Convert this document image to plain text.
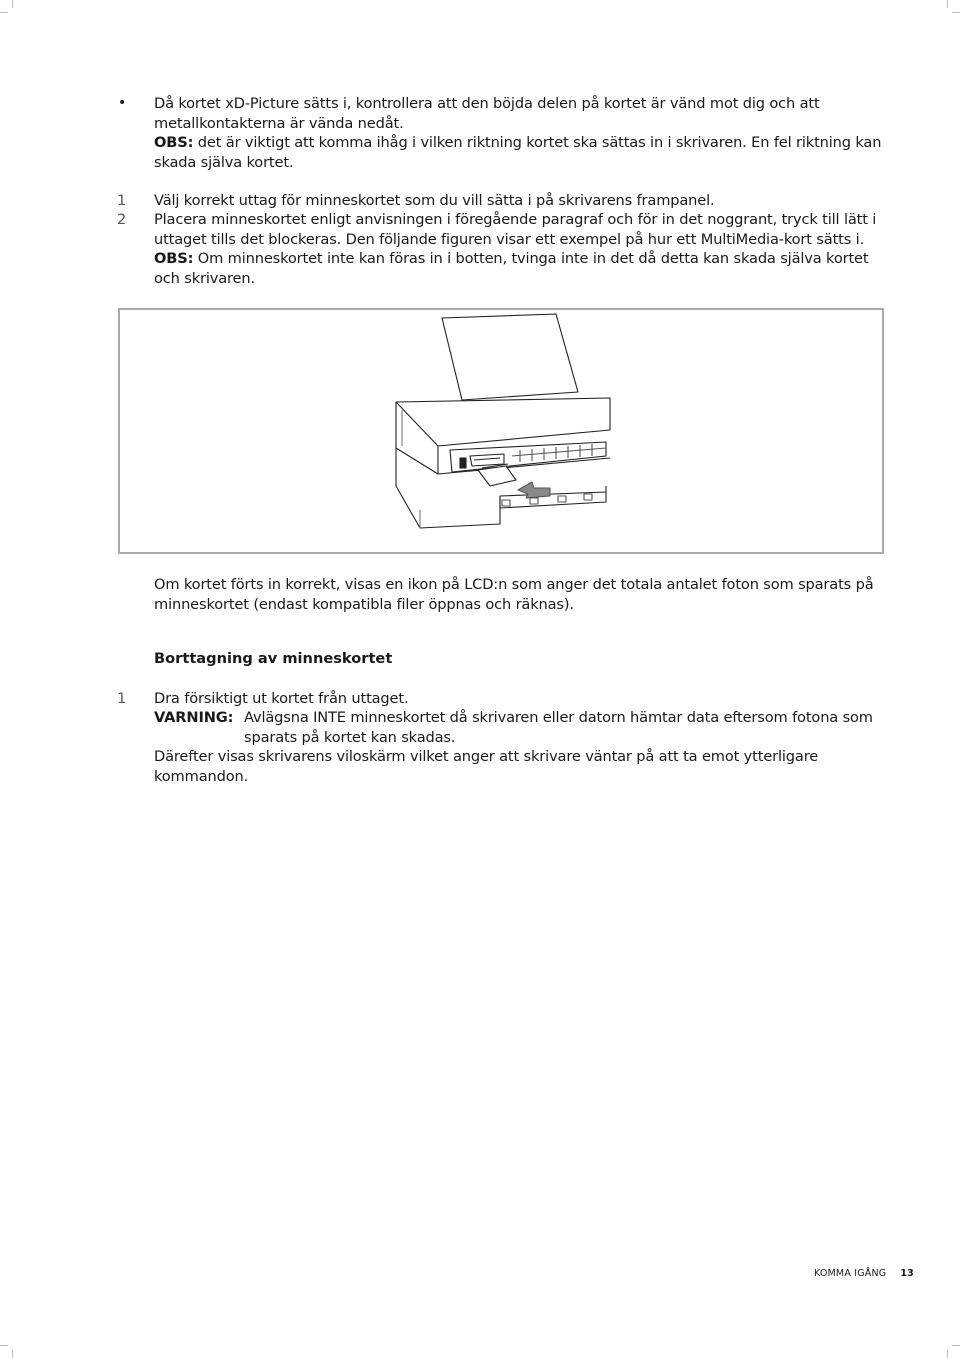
• Då kortet xD-Picture sätts i, kontrollera att den böjda delen på kortet är vänd mot dig och att

metallkontakterna är vända nedåt.

OBS: det är viktigt att komma ihåg i vilken riktning kortet ska sättas in i skrivaren. En fel riktning kan

skada själva kortet.

1 Välj korrekt uttag för minneskortet som du vill sätta i på skrivarens frampanel.
2 Placera minneskortet enligt anvisningen i föregående paragraf och för in det noggrant, tryck till lätt i

uttaget tills det blockeras. Den följande figuren visar ett exempel på hur ett MultiMedia-kort sätts i.

OBS: Om minneskortet inte kan föras in i botten, tvinga inte in det då detta kan skada själva kortet

och skrivaren.

Om kortet förts in korrekt, visas en ikon på LCD:n som anger det totala antalet foton som sparats på

minneskortet (endast kompatibla filer öppnas och räknas).

Borttagning av minneskortet
1 Dra försiktigt ut kortet från uttaget.
VARNING: Avlägsna INTE minneskortet då skrivaren eller datorn hämtar data eftersom fotona som

sparats på kortet kan skadas.

Därefter visas skrivarens viloskärm vilket anger att skrivare väntar på att ta emot ytterligare

kommandon.

KOMMA IGÅNG 13
